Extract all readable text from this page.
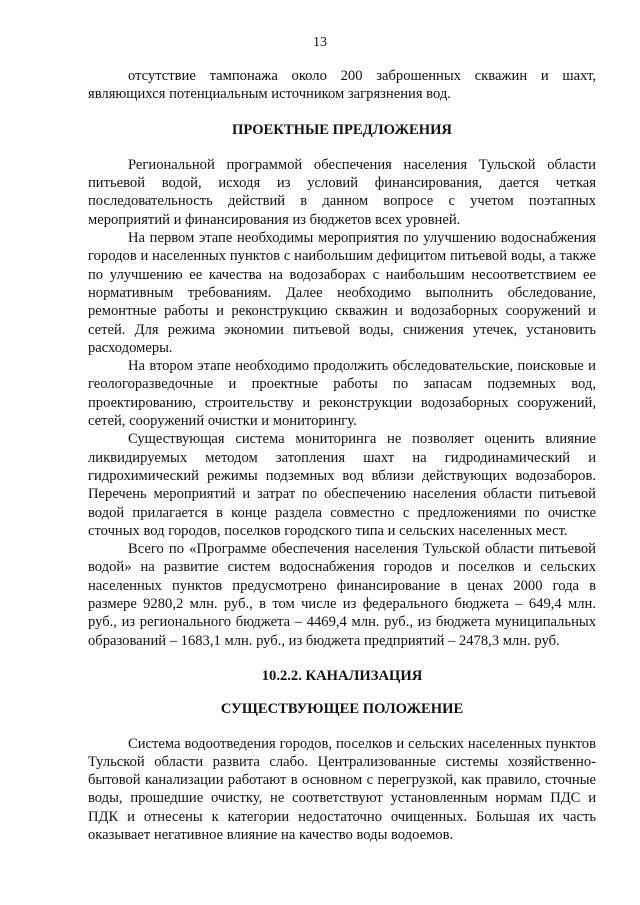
13

отсутствие тампонажа около 200 заброшенных скважин и шахт, являющихся потенциальным источником загрязнения вод.

ПРОЕКТНЫЕ ПРЕДЛОЖЕНИЯ

Региональной программой обеспечения населения Тульской области питьевой водой, исходя из условий финансирования, дается четкая последовательность действий в данном вопросе с учетом поэтапных мероприятий и финансирования из бюджетов всех уровней.

На первом этапе необходимы мероприятия по улучшению водоснабжения городов и населенных пунктов с наибольшим дефицитом питьевой воды, а также по улучшению ее качества на водозаборах с наибольшим несоответствием ее нормативным требованиям. Далее необходимо выполнить обследование, ремонтные работы и реконструкцию скважин и водозаборных сооружений и сетей. Для режима экономии питьевой воды, снижения утечек, установить расходомеры.

На втором этапе необходимо продолжить обследовательские, поисковые и геологоразведочные и проектные работы по запасам подземных вод, проектированию, строительству и реконструкции водозаборных сооружений, сетей, сооружений очистки и мониторингу.

Существующая система мониторинга не позволяет оценить влияние ликвидируемых методом затопления шахт на гидродинамический и гидрохимический режимы подземных вод вблизи действующих водозаборов. Перечень мероприятий и затрат по обеспечению населения области питьевой водой прилагается в конце раздела совместно с предложениями по очистке сточных вод городов, поселков городского типа и сельских населенных мест.

Всего по «Программе обеспечения населения Тульской области питьевой водой» на развитие систем водоснабжения городов и поселков и сельских населенных пунктов предусмотрено финансирование в ценах 2000 года в размере 9280,2 млн. руб., в том числе из федерального бюджета – 649,4 млн. руб., из регионального бюджета – 4469,4 млн. руб., из бюджета муниципальных образований – 1683,1 млн. руб., из бюджета предприятий – 2478,3 млн. руб.

10.2.2. КАНАЛИЗАЦИЯ
СУЩЕСТВУЮЩЕЕ ПОЛОЖЕНИЕ

Система водоотведения городов, поселков и сельских населенных пунктов Тульской области развита слабо. Централизованные системы хозяйственно-бытовой канализации работают в основном с перегрузкой, как правило, сточные воды, прошедшие очистку, не соответствуют установленным нормам ПДС и ПДК и отнесены к категории недостаточно очищенных. Большая их часть оказывает негативное влияние на качество воды водоемов.
